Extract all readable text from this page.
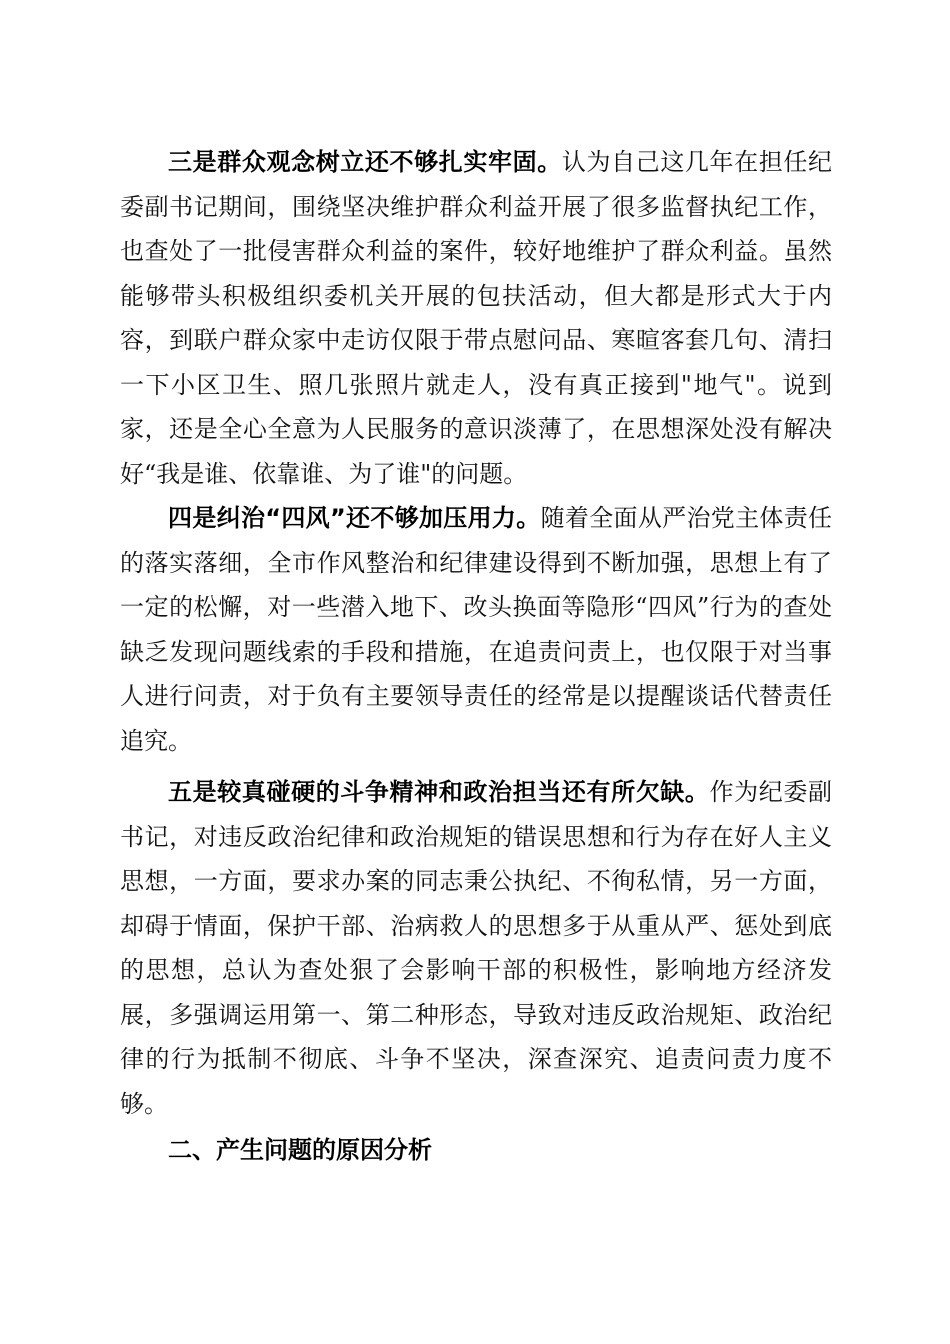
三是群众观念树立还不够扎实牢固。认为自己这几年在担任纪委副书记期间，围绕坚决维护群众利益开展了很多监督执纪工作，也查处了一批侵害群众利益的案件，较好地维护了群众利益。虽然能够带头积极组织委机关开展的包扶活动，但大都是形式大于内容，到联户群众家中走访仅限于带点慰问品、寒暄客套几句、清扫一下小区卫生、照几张照片就走人，没有真正接到"地气"。说到家，还是全心全意为人民服务的意识淡薄了，在思想深处没有解决好“我是谁、依靠谁、为了谁"的问题。

四是纠治“四风”还不够加压用力。随着全面从严治党主体责任的落实落细，全市作风整治和纪律建设得到不断加强，思想上有了一定的松懈，对一些潜入地下、改头换面等隐形“四风”行为的查处缺乏发现问题线索的手段和措施，在追责问责上，也仅限于对当事人进行问责，对于负有主要领导责任的经常是以提醒谈话代替责任追究。

五是较真碰硬的斗争精神和政治担当还有所欠缺。作为纪委副书记，对违反政治纪律和政治规矩的错误思想和行为存在好人主义思想，一方面，要求办案的同志秉公执纪、不徇私情，另一方面，却碍于情面，保护干部、治病救人的思想多于从重从严、惩处到底的思想，总认为查处狠了会影响干部的积极性，影响地方经济发展，多强调运用第一、第二种形态，导致对违反政治规矩、政治纪律的行为抵制不彻底、斗争不坚决，深查深究、追责问责力度不够。

二、产生问题的原因分析
